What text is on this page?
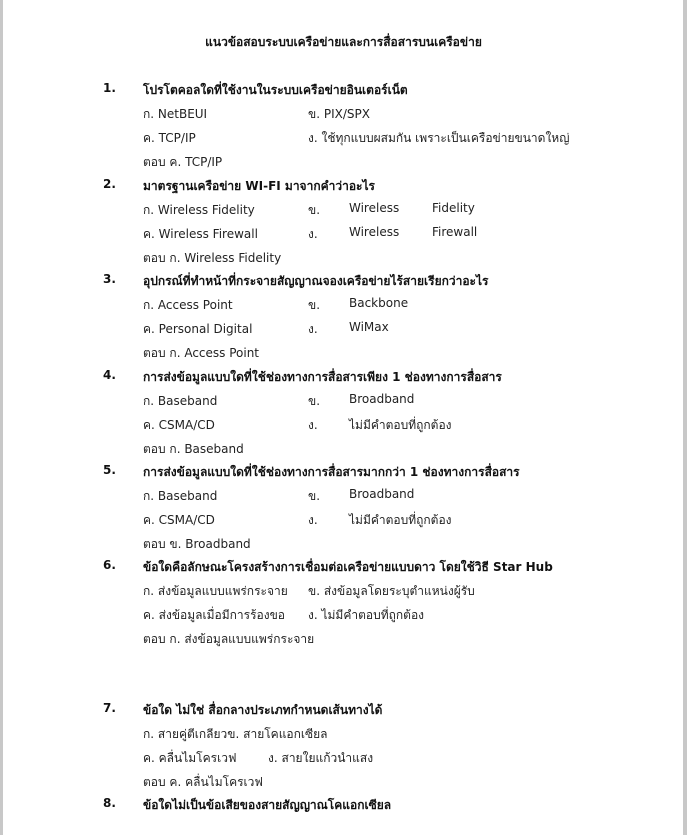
แนวข้อสอบระบบเครือข่ายและการสื่อสารบนเครือข่าย
1. โปรโตคอลใดที่ใช้งานในระบบเครือข่ายอินเตอร์เน็ต
ก. NetBEUI	ข. PIX/SPX
ค. TCP/IP	ง. ใช้ทุกแบบผสมกัน เพราะเป็นเครือข่ายขนาดใหญ่
ตอบ ค. TCP/IP
2. มาตรฐานเครือข่าย WI-FI มาจากคำว่าอะไร
ก. Wireless Fidelity	ข. Wireless	Fidelity
ค. Wireless Firewall	ง.	Wireless	Firewall
ตอบ ก. Wireless Fidelity
3. อุปกรณ์ที่ทำหน้าที่กระจายสัญญาณจองเครือข่ายไร้สายเรียกว่าอะไร
ก. Access Point	ข. Backbone
ค. Personal Digital	ง.	WiMax
ตอบ ก. Access Point
4. การส่งข้อมูลแบบใดที่ใช้ช่องทางการสื่อสารเพียง 1 ช่องทางการสื่อสาร
ก. Baseband	ข. Broadband
ค. CSMA/CD	ง.	ไม่มีคำตอบที่ถูกต้อง
ตอบ ก. Baseband
5. การส่งข้อมูลแบบใดที่ใช้ช่องทางการสื่อสารมากกว่า 1 ช่องทางการสื่อสาร
ก. Baseband	ข. Broadband
ค. CSMA/CD	ง.	ไม่มีคำตอบที่ถูกต้อง
ตอบ ข. Broadband
6. ข้อใดคือลักษณะโครงสร้างการเชื่อมต่อเครือข่ายแบบดาว โดยใช้วิธี Star Hub
ก. ส่งข้อมูลแบบแพร่กระจาย ข. ส่งข้อมูลโดยระบุตำแหน่งผู้รับ
ค. ส่งข้อมูลเมื่อมีการร้องขอ ง. ไม่มีคำตอบที่ถูกต้อง
ตอบ ก. ส่งข้อมูลแบบแพร่กระจาย
7. ข้อใด ไม่ใช่ สื่อกลางประเภทกำหนดเส้นทางได้
ก. สายคู่ตีเกลียวข. สายโคแอกเซียล
ค. คลื่นไมโครเวฟ	ง. สายใยแก้วนำแสง
ตอบ ค. คลื่นไมโครเวฟ
8. ข้อใดไม่เป็นข้อเสียของสายสัญญาณโคแอกเซียล
